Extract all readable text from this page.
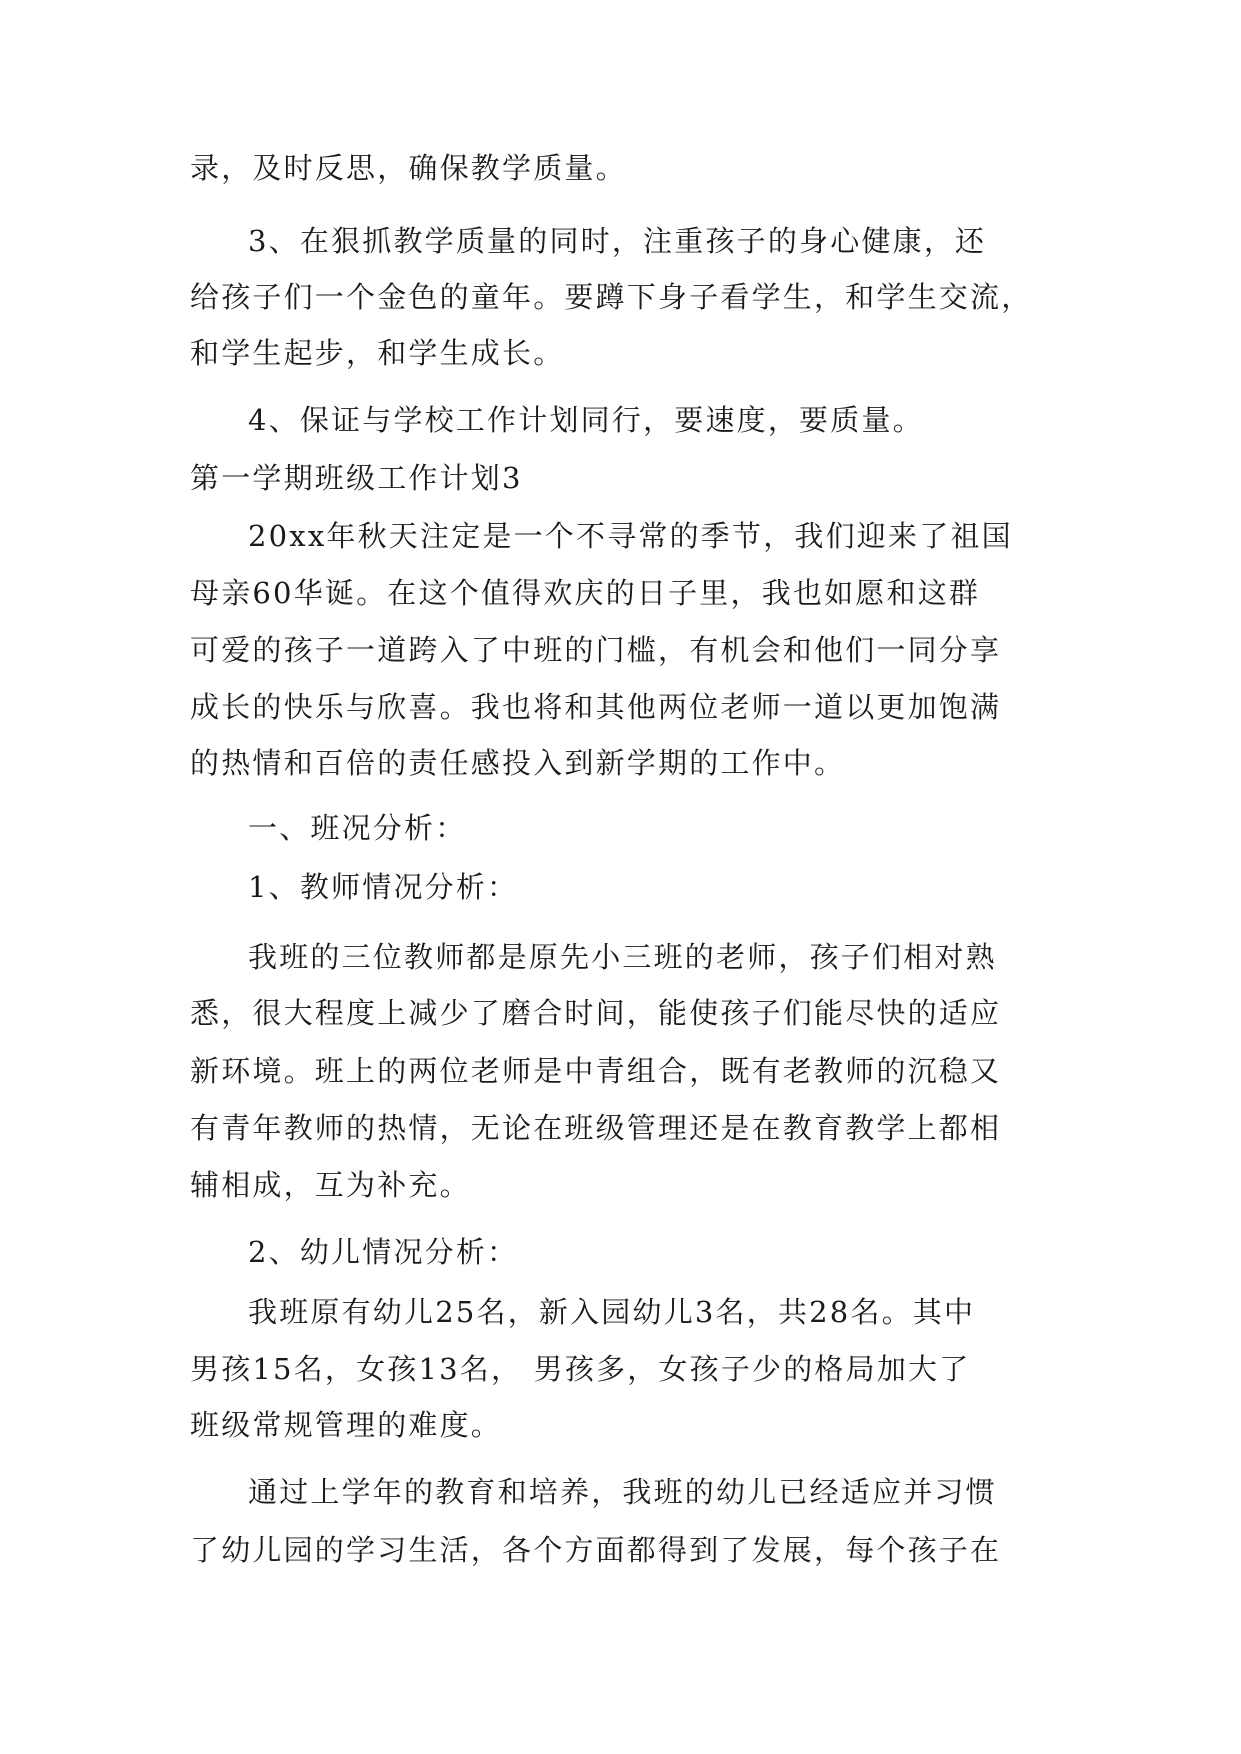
录，及时反思，确保教学质量。
3、在狠抓教学质量的同时，注重孩子的身心健康，还
给孩子们一个金色的童年。要蹲下身子看学生，和学生交流，
和学生起步，和学生成长。
4、保证与学校工作计划同行，要速度，要质量。
第一学期班级工作计划3
20xx年秋天注定是一个不寻常的季节，我们迎来了祖国
母亲60华诞。在这个值得欢庆的日子里，我也如愿和这群
可爱的孩子一道跨入了中班的门槛，有机会和他们一同分享
成长的快乐与欣喜。我也将和其他两位老师一道以更加饱满
的热情和百倍的责任感投入到新学期的工作中。
一、班况分析：
1、教师情况分析：
我班的三位教师都是原先小三班的老师，孩子们相对熟
悉，很大程度上减少了磨合时间，能使孩子们能尽快的适应
新环境。班上的两位老师是中青组合，既有老教师的沉稳又
有青年教师的热情，无论在班级管理还是在教育教学上都相
辅相成，互为补充。
2、幼儿情况分析：
我班原有幼儿25名，新入园幼儿3名，共28名。其中
男孩15名，女孩13名， 男孩多，女孩子少的格局加大了
班级常规管理的难度。
通过上学年的教育和培养，我班的幼儿已经适应并习惯
了幼儿园的学习生活，各个方面都得到了发展，每个孩子在
